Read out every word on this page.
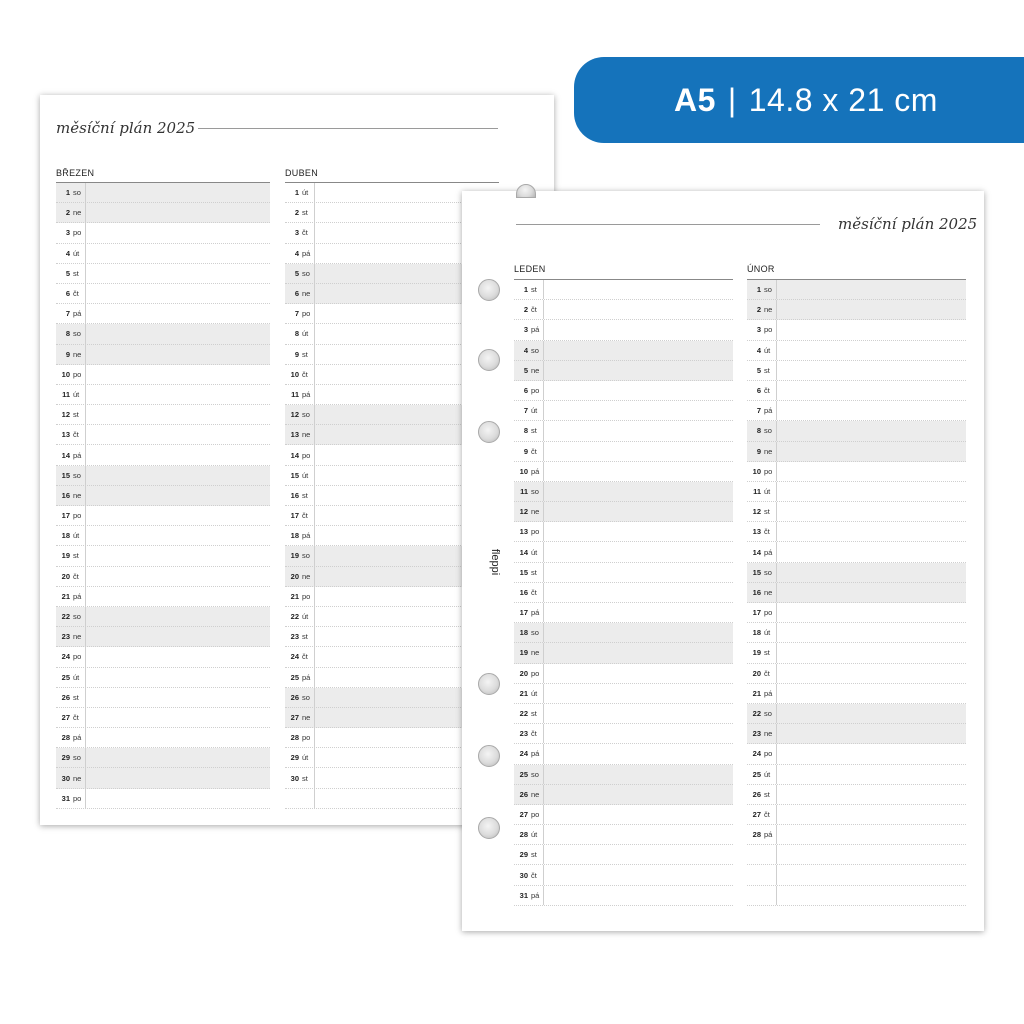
A5 | 14.8 x 21 cm
měsíční plán 2025
BŘEZEN
1 so
2 ne
3 po
4 út
5 st
6 čt
7 pá
8 so
9 ne
10 po
11 út
12 st
13 čt
14 pá
15 so
16 ne
17 po
18 út
19 st
20 čt
21 pá
22 so
23 ne
24 po
25 út
26 st
27 čt
28 pá
29 so
30 ne
31 po
DUBEN
1 út
2 st
3 čt
4 pá
5 so
6 ne
7 po
8 út
9 st
10 čt
11 pá
12 so
13 ne
14 po
15 út
16 st
17 čt
18 pá
19 so
20 ne
21 po
22 út
23 st
24 čt
25 pá
26 so
27 ne
28 po
29 út
30 st
měsíční plán 2025
LEDEN
1 st
2 čt
3 pá
4 so
5 ne
6 po
7 út
8 st
9 čt
10 pá
11 so
12 ne
13 po
14 út
15 st
16 čt
17 pá
18 so
19 ne
20 po
21 út
22 st
23 čt
24 pá
25 so
26 ne
27 po
28 út
29 st
30 čt
31 pá
ÚNOR
1 so
2 ne
3 po
4 út
5 st
6 čt
7 pá
8 so
9 ne
10 po
11 út
12 st
13 čt
14 pá
15 so
16 ne
17 po
18 út
19 st
20 čt
21 pá
22 so
23 ne
24 po
25 út
26 st
27 čt
28 pá
fleppi
